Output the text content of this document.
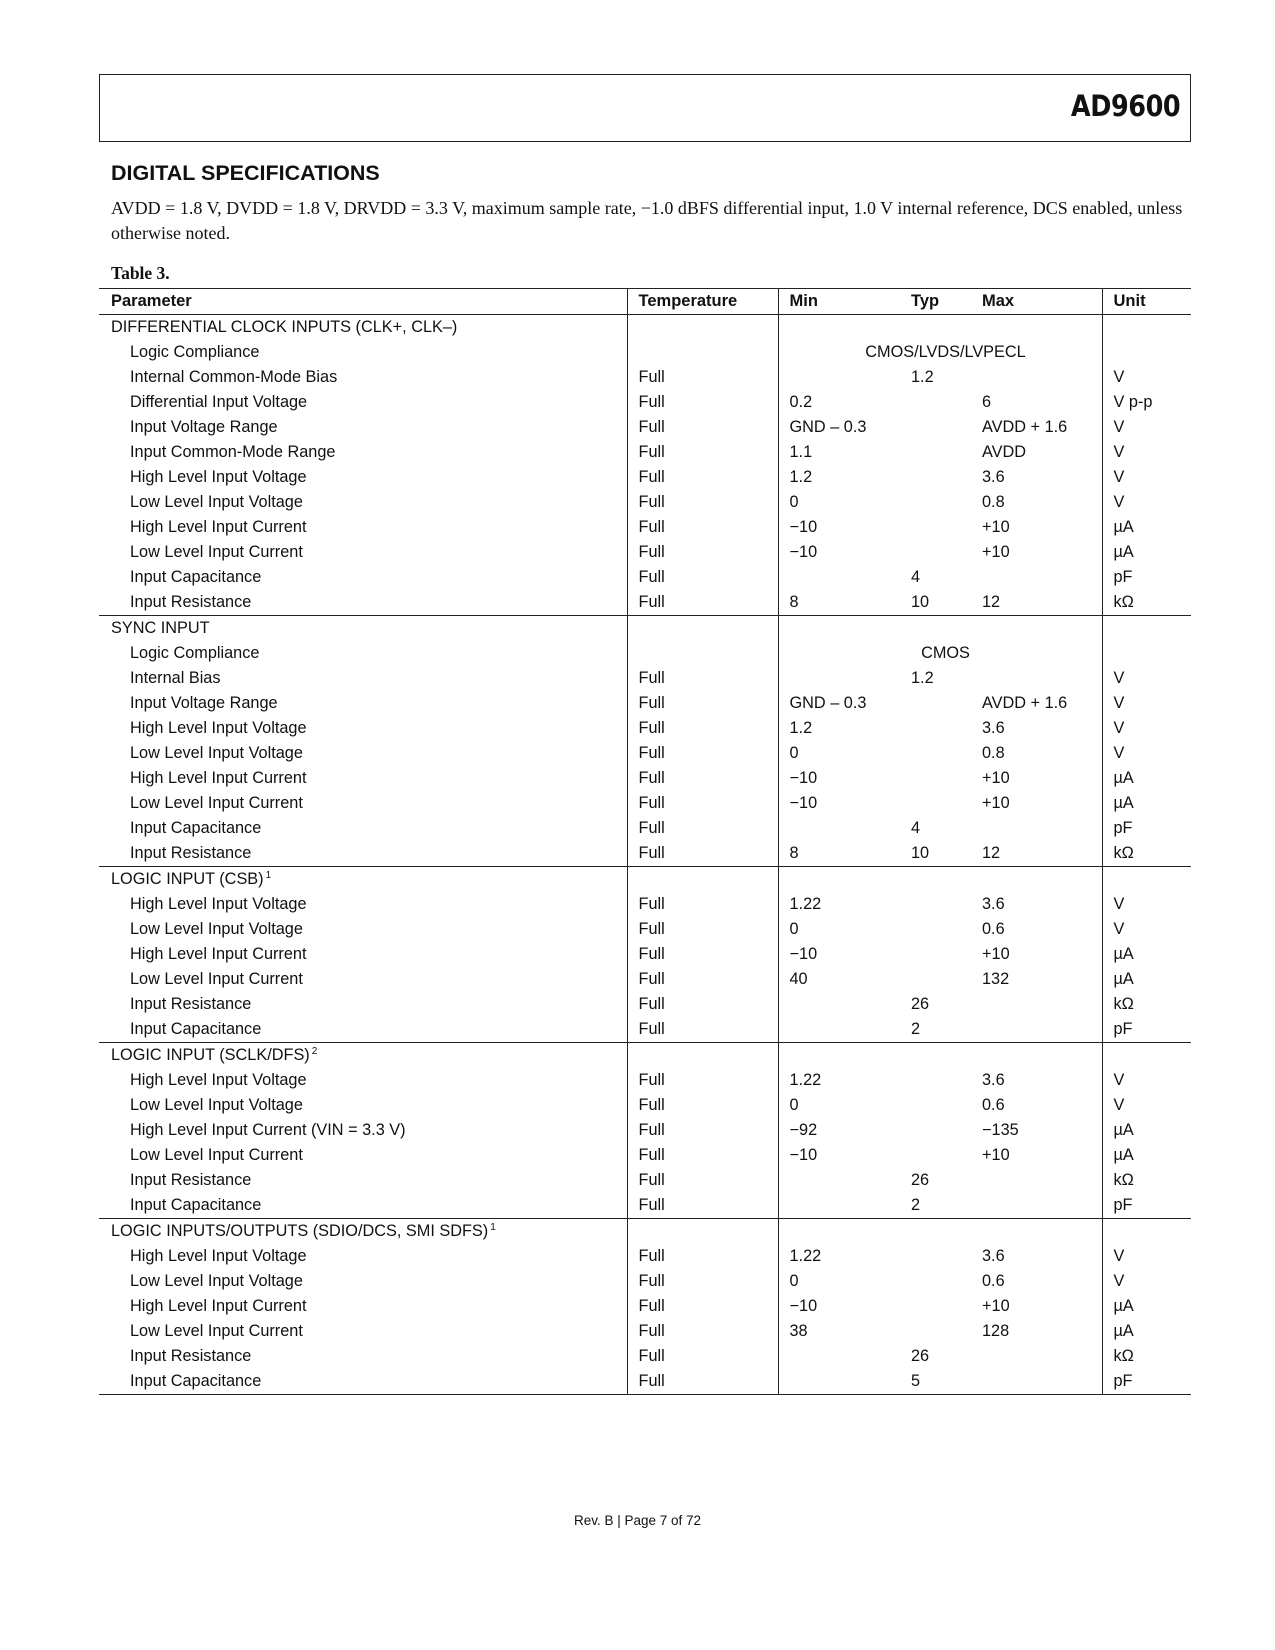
AD9600
DIGITAL SPECIFICATIONS
AVDD = 1.8 V, DVDD = 1.8 V, DRVDD = 3.3 V, maximum sample rate, −1.0 dBFS differential input, 1.0 V internal reference, DCS enabled, unless otherwise noted.
Table 3.
Parameter	Temperature	Min	Typ	Max	Unit
DIFFERENTIAL CLOCK INPUTS (CLK+, CLK–)					
Logic Compliance		CMOS/LVDS/LVPECL			
Internal Common-Mode Bias	Full		1.2		V
Differential Input Voltage	Full	0.2		6	V p-p
Input Voltage Range	Full	GND – 0.3		AVDD + 1.6	V
Input Common-Mode Range	Full	1.1		AVDD	V
High Level Input Voltage	Full	1.2		3.6	V
Low Level Input Voltage	Full	0		0.8	V
High Level Input Current	Full	−10		+10	µA
Low Level Input Current	Full	−10		+10	µA
Input Capacitance	Full		4		pF
Input Resistance	Full	8	10	12	kΩ
SYNC INPUT					
Logic Compliance		CMOS			
Internal Bias	Full		1.2		V
Input Voltage Range	Full	GND – 0.3		AVDD + 1.6	V
High Level Input Voltage	Full	1.2		3.6	V
Low Level Input Voltage	Full	0		0.8	V
High Level Input Current	Full	−10		+10	µA
Low Level Input Current	Full	−10		+10	µA
Input Capacitance	Full		4		pF
Input Resistance	Full	8	10	12	kΩ
LOGIC INPUT (CSB) $^1$					
High Level Input Voltage	Full	1.22		3.6	V
Low Level Input Voltage	Full	0		0.6	V
High Level Input Current	Full	−10		+10	µA
Low Level Input Current	Full	40		132	µA
Input Resistance	Full		26		kΩ
Input Capacitance	Full		2		pF
LOGIC INPUT (SCLK/DFS) $^2$					
High Level Input Voltage	Full	1.22		3.6	V
Low Level Input Voltage	Full	0		0.6	V
High Level Input Current (VIN = 3.3 V)	Full	−92		−135	µA
Low Level Input Current	Full	−10		+10	µA
Input Resistance	Full		26		kΩ
Input Capacitance	Full		2		pF
LOGIC INPUTS/OUTPUTS (SDIO/DCS, SMI SDFS) $^1$					
High Level Input Voltage	Full	1.22		3.6	V
Low Level Input Voltage	Full	0		0.6	V
High Level Input Current	Full	−10		+10	µA
Low Level Input Current	Full	38		128	µA
Input Resistance	Full		26		kΩ
Input Capacitance	Full		5		pF
Rev. B | Page 7 of 72
